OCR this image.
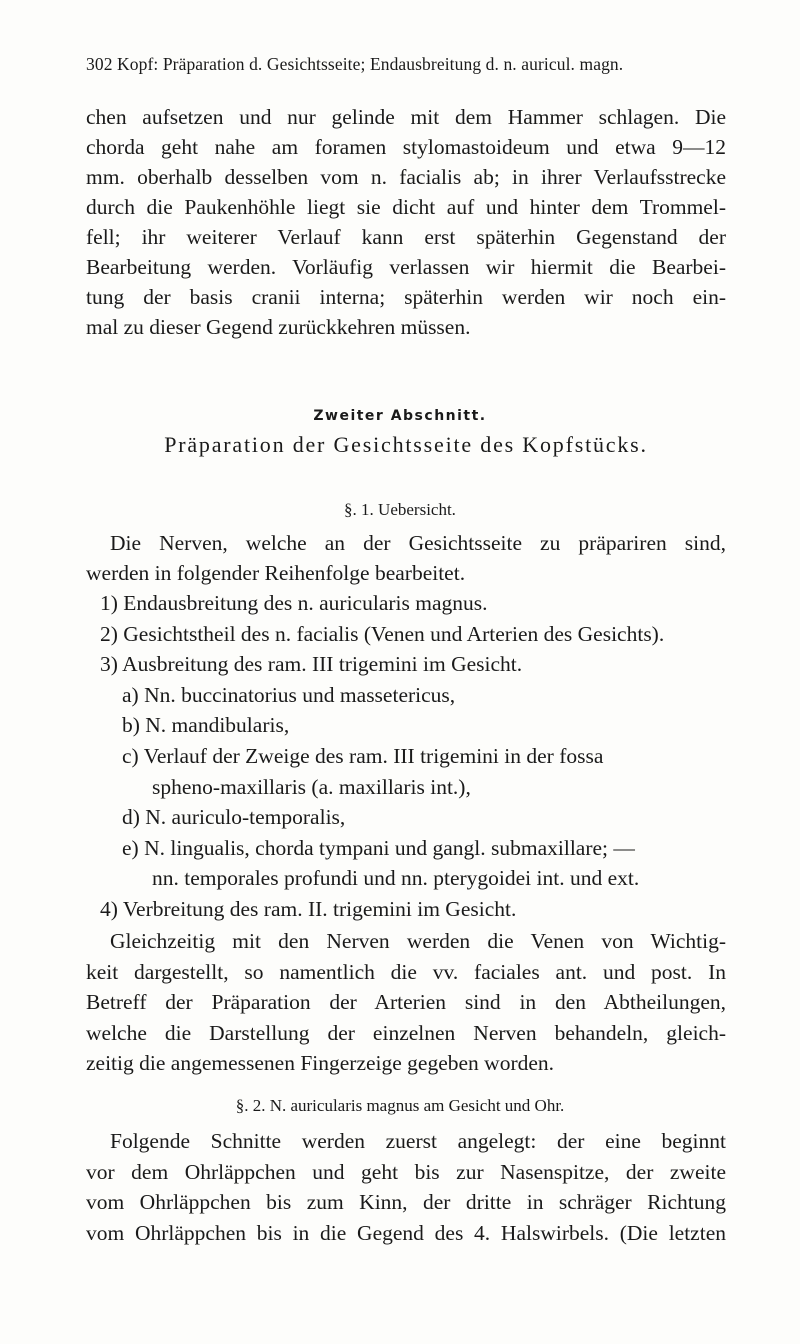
302 Kopf: Präparation d. Gesichtsseite; Endausbreitung d. n. auricul. magn.
chen aufsetzen und nur gelinde mit dem Hammer schlagen. Die
chorda geht nahe am foramen stylomastoideum und etwa 9—12
mm. oberhalb desselben vom n. facialis ab; in ihrer Verlaufsstrecke
durch die Paukenhöhle liegt sie dicht auf und hinter dem Trommel-
fell; ihr weiterer Verlauf kann erst späterhin Gegenstand der
Bearbeitung werden. Vorläufig verlassen wir hiermit die Bearbei-
tung der basis cranii interna; späterhin werden wir noch ein-
mal zu dieser Gegend zurückkehren müssen.
Zweiter Abschnitt.
Präparation der Gesichtsseite des Kopfstücks.
§. 1. Uebersicht.
Die Nerven, welche an der Gesichtsseite zu präpariren sind,
werden in folgender Reihenfolge bearbeitet.
1) Endausbreitung des n. auricularis magnus.
2) Gesichtstheil des n. facialis (Venen und Arterien des Gesichts).
3) Ausbreitung des ram. III trigemini im Gesicht.
a) Nn. buccinatorius und massetericus,
b) N. mandibularis,
c) Verlauf der Zweige des ram. III trigemini in der fossa
spheno-maxillaris (a. maxillaris int.),
d) N. auriculo-temporalis,
e) N. lingualis, chorda tympani und gangl. submaxillare; —
nn. temporales profundi und nn. pterygoidei int. und ext.
4) Verbreitung des ram. II. trigemini im Gesicht.
Gleichzeitig mit den Nerven werden die Venen von Wichtig-
keit dargestellt, so namentlich die vv. faciales ant. und post. In
Betreff der Präparation der Arterien sind in den Abtheilungen,
welche die Darstellung der einzelnen Nerven behandeln, gleich-
zeitig die angemessenen Fingerzeige gegeben worden.
§. 2. N. auricularis magnus am Gesicht und Ohr.
Folgende Schnitte werden zuerst angelegt: der eine beginnt
vor dem Ohrläppchen und geht bis zur Nasenspitze, der zweite
vom Ohrläppchen bis zum Kinn, der dritte in schräger Richtung
vom Ohrläppchen bis in die Gegend des 4. Halswirbels. (Die letzten
